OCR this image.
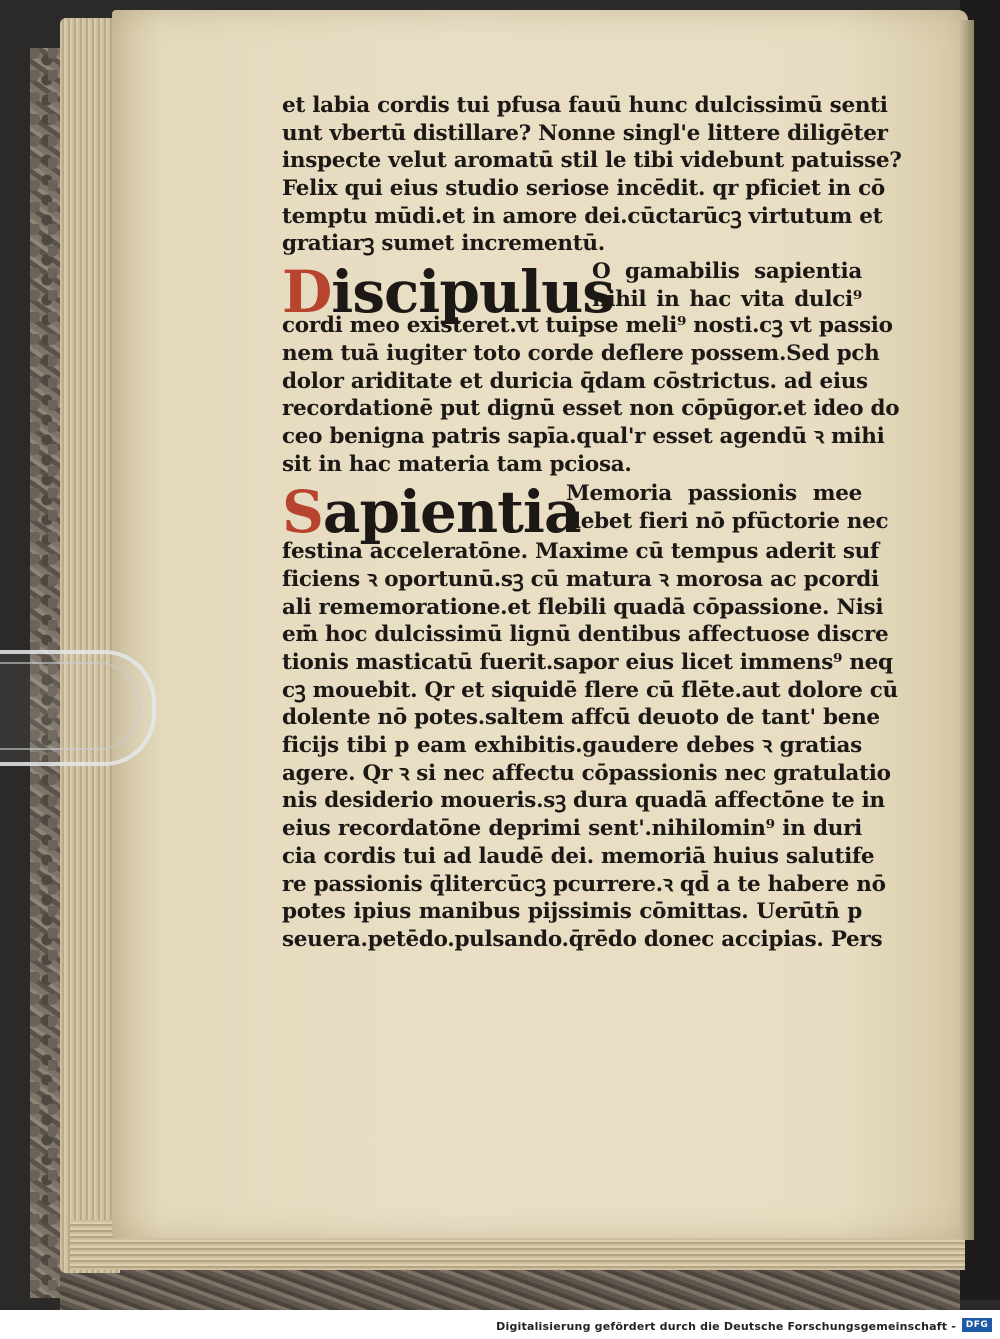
et labia cordis tui pfusa fauū hunc dulcissimū senti
unt vbertū distillare? Nonne singl'e littere diligēter
inspecte velut aromatū stil le tibi videbunt patuisse?
Felix qui eius studio seriose incēdit. qr pficiet in cō
temptu mūdi.et in amore dei.cūctarūcꝫ virtutum et
gratiarꝫ sumet incrementū.
Discipulus
O gamabilis sapientia
nihil in hac vita dulci⁹
cordi meo existeret.vt tuipse meli⁹ nosti.cꝫ vt passio
nem tuā iugiter toto corde deflere possem.Sed pch
dolor ariditate et duricia q̄dam cōstrictus. ad eius
recordationē put dignū esset non cōpūgor.et ideo do
ceo benigna patris sapīa.qual'r esset agendū ꝛ mihi
sit in hac materia tam pciosa.
Sapientia
Memoria passionis mee
debet fieri nō pfūctorie nec
festina acceleratōne. Maxime cū tempus aderit suf
ficiens ꝛ oportunū.sꝫ cū matura ꝛ morosa ac pcordi
ali rememoratione.et flebili quadā cōpassione. Nisi
em̄ hoc dulcissimū lignū dentibus affectuose discre
tionis masticatū fuerit.sapor eius licet immens⁹ neq
cꝫ mouebit. Qr et siquidē flere cū flēte.aut dolore cū
dolente nō potes.saltem affcū deuoto de tant' bene
ficijs tibi p eam exhibitis.gaudere debes ꝛ gratias
agere. Qr ꝛ si nec affectu cōpassionis nec gratulatio
nis desiderio moueris.sꝫ dura quadā affectōne te in
eius recordatōne deprimi sent'.nihilomin⁹ in duri
cia cordis tui ad laudē dei. memoriā huius salutife
re passionis q̄litercūcꝫ pcurrere.ꝛ qd̄ a te habere nō
potes ipius manibus pijssimis cōmittas. Uerūtn̄ p
seuera.petēdo.pulsando.q̄rēdo donec accipias. Pers
Digitalisierung gefördert durch die Deutsche Forschungsgemeinschaft -	DFG
